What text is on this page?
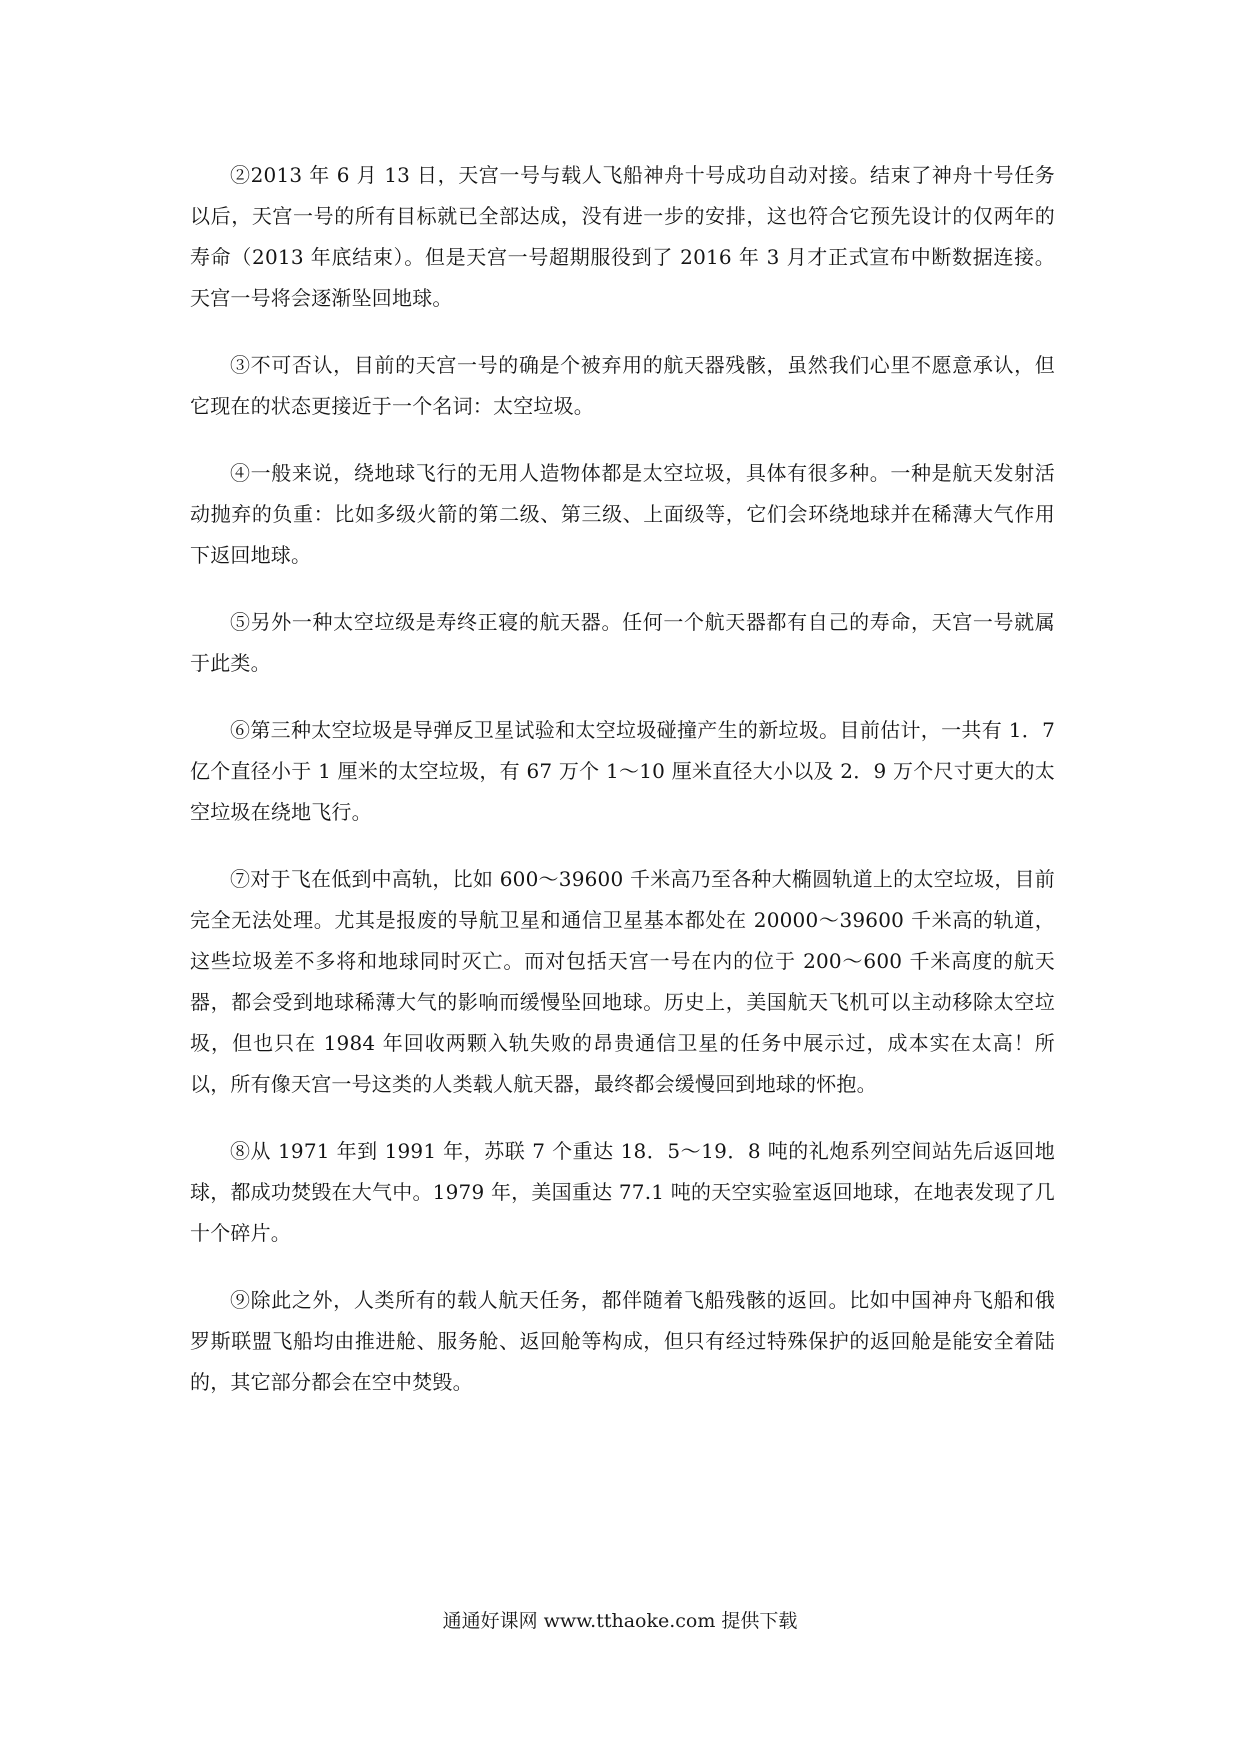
②2013 年 6 月 13 日，天宫一号与载人飞船神舟十号成功自动对接。结束了神舟十号任务以后，天宫一号的所有目标就已全部达成，没有进一步的安排，这也符合它预先设计的仅两年的寿命（2013 年底结束）。但是天宫一号超期服役到了 2016 年 3 月才正式宣布中断数据连接。天宫一号将会逐渐坠回地球。

③不可否认，目前的天宫一号的确是个被弃用的航天器残骸，虽然我们心里不愿意承认，但它现在的状态更接近于一个名词：太空垃圾。

④一般来说，绕地球飞行的无用人造物体都是太空垃圾，具体有很多种。一种是航天发射活动抛弃的负重：比如多级火箭的第二级、第三级、上面级等，它们会环绕地球并在稀薄大气作用下返回地球。

⑤另外一种太空垃级是寿终正寝的航天器。任何一个航天器都有自己的寿命，天宫一号就属于此类。

⑥第三种太空垃圾是导弹反卫星试验和太空垃圾碰撞产生的新垃圾。目前估计，一共有 1．7 亿个直径小于 1 厘米的太空垃圾，有 67 万个 1～10 厘米直径大小以及 2．9 万个尺寸更大的太空垃圾在绕地飞行。

⑦对于飞在低到中高轨，比如 600～39600 千米高乃至各种大椭圆轨道上的太空垃圾，目前完全无法处理。尤其是报废的导航卫星和通信卫星基本都处在 20000～39600 千米高的轨道，这些垃圾差不多将和地球同时灭亡。而对包括天宫一号在内的位于 200～600 千米高度的航天器，都会受到地球稀薄大气的影响而缓慢坠回地球。历史上，美国航天飞机可以主动移除太空垃圾，但也只在 1984 年回收两颗入轨失败的昂贵通信卫星的任务中展示过，成本实在太高！所以，所有像天宫一号这类的人类载人航天器，最终都会缓慢回到地球的怀抱。

⑧从 1971 年到 1991 年，苏联 7 个重达 18．5～19．8 吨的礼炮系列空间站先后返回地球，都成功焚毁在大气中。1979 年，美国重达 77.1 吨的天空实验室返回地球，在地表发现了几十个碎片。

⑨除此之外，人类所有的载人航天任务，都伴随着飞船残骸的返回。比如中国神舟飞船和俄罗斯联盟飞船均由推进舱、服务舱、返回舱等构成，但只有经过特殊保护的返回舱是能安全着陆的，其它部分都会在空中焚毁。

通通好课网 www.tthaoke.com 提供下载
